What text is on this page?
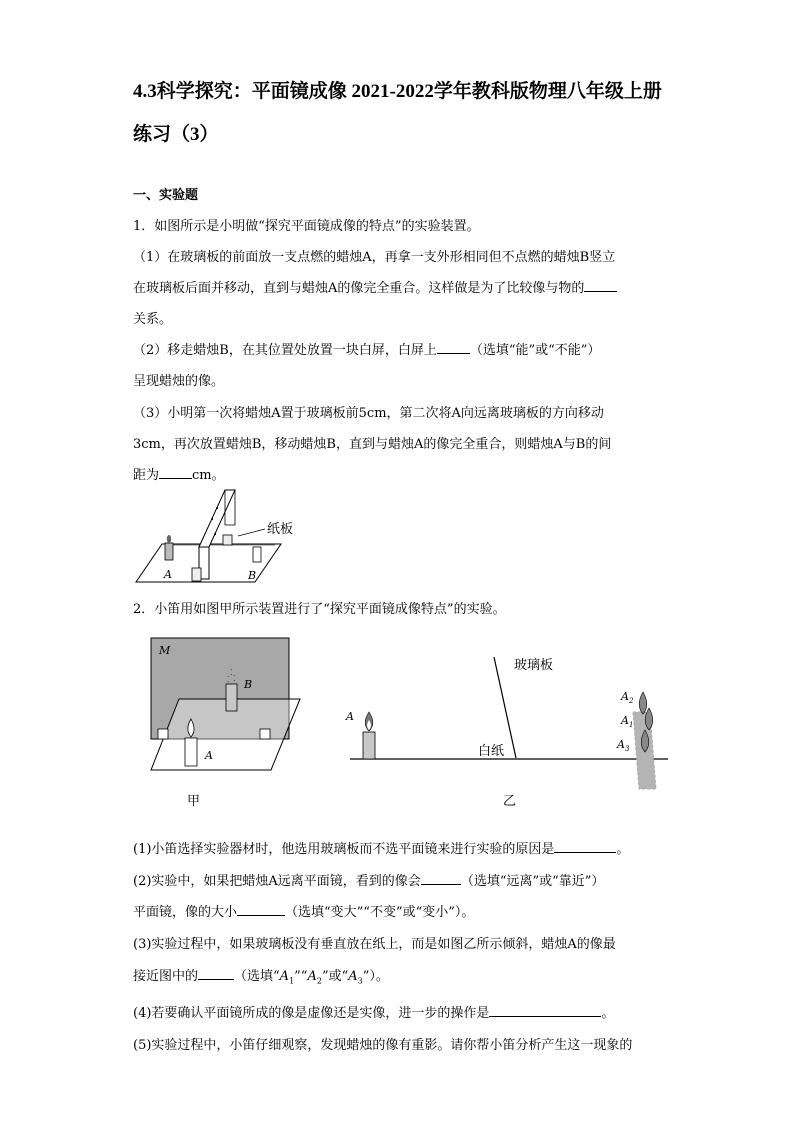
4.3科学探究：平面镜成像 2021-2022学年教科版物理八年级上册练习（3）
一、实验题
1．如图所示是小明做“探究平面镜成像的特点”的实验装置。
（1）在玻璃板的前面放一支点燃的蜡烛A，再拿一支外形相同但不点燃的蜡烛B竖立
在玻璃板后面并移动，直到与蜡烛A的像完全重合。这样做是为了比较像与物的
关系。
（2）移走蜡烛B，在其位置处放置一块白屏，白屏上	（选填“能”或“不能”）
呈现蜡烛的像。
（3）小明第一次将蜡烛A置于玻璃板前5cm，第二次将A向远离玻璃板的方向移动
3cm，再次放置蜡烛B，移动蜡烛B，直到与蜡烛A的像完全重合，则蜡烛A与B的间
距为	cm。
•
•
•	纸板
A	B
2．小笛用如图甲所示装置进行了“探究平面镜成像特点”的实验。
⁚
⁚
⁚
M
B
A
甲
玻璃板
白纸
A
$A_2$
$A_1$
$A_3$
乙
(1)小笛选择实验器材时，他选用玻璃板而不选平面镜来进行实验的原因是	。
(2)实验中，如果把蜡烛A远离平面镜，看到的像会	（选填“远离”或“靠近”）
平面镜，像的大小	（选填“变大”“不变”或“变小”）。
(3)实验过程中，如果玻璃板没有垂直放在纸上，而是如图乙所示倾斜，蜡烛A的像最
接近图中的	（选填“$A_1”“A_2$”或“$A_3$”）。
(4)若要确认平面镜所成的像是虚像还是实像，进一步的操作是	。
(5)实验过程中，小笛仔细观察，发现蜡烛的像有重影。请你帮小笛分析产生这一现象的
